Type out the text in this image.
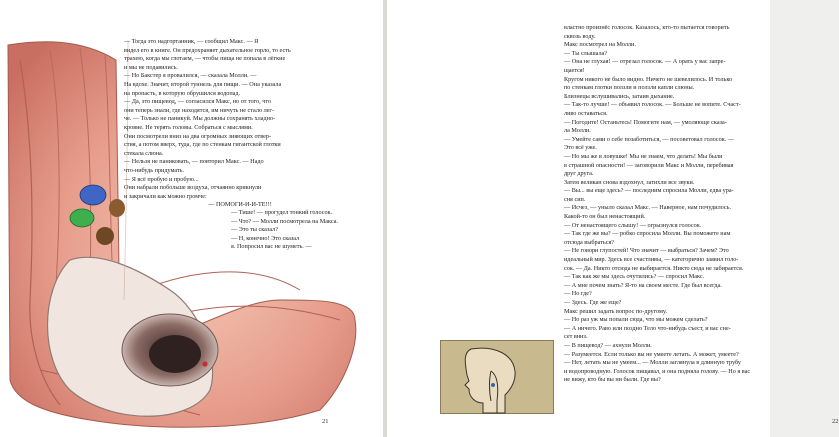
— Тогда это надгортанник, — сообщил Макс. — Я

видел его в книге. Он предохраняет дыхательное горло, то есть

трахею, когда мы глотаем, — чтобы пища не попала в лёгкие

и мы не подавились.

— Но Бакстер я провалился, — сказала Молли. —

На вдохе. Значит, второй туннель для пищи. — Она указала

на пропасть, в которую обрушился водопад.

— Да, это пищевод, — согласился Макс, но от того, что

они теперь знали, где находятся, им ничуть не стало лег-

че. — Только не паникуй. Мы должны сохранять хладно-

кровие. Не терять головы. Собраться с мыслями.

Они посмотрели вниз на два огромных зияющих отвер-

стия, а потом вверх, туда, где по стенкам гигантской глотки

стекала слюна.

— Нельзя не паниковать, — повторил Макс. — Надо

что-нибудь придумать.

— Я всё пробую и пробую...

Они набрали побольше воздуха, отчаянно крикнули

и закричали как можно громче:

— ПОМОГИ-И-И-ТЕ!!!

— Тише! — прогудел тонкий голосок.

— Что? — Молли посмотрела на Макса.

— Это ты сказал?

— Н, конечно! Это сказал

я. Попросил вас не шуметь. —

21	22

властно произнёс голосок. Казалось, кто-то пытается говорить

сквозь воду.

Макс посмотрел на Молли.

— Ты слышала?

— Она не глухая! — отрезал голосок. — А орать у вас запре-

щается!

Кругом никого не было видно. Ничего не шевелилось. И только

по стенкам глотки ползли и ползли капли слюны.

Близнецы вслушивались, затаив дыхание.

— Так-то лучше! — объявил голосок. — Больше не вопите. Счаст-

ливо оставаться.

— Погодите! Останьтесь! Помогите нам, — умоляюще сказа-

ла Молли.

— Умейте сами о себе позаботиться, — посоветовал голосок. —

Это всё уже.

— Но мы же в ловушке! Мы не знаем, что делать! Мы были

в страшной опасности! — заговорили Макс и Молли, перебивая

друг друга.

Затем великан снова вздохнул, затихли все звуки.

— Вы... вы еще здесь? — последним спросила Молли, едва ура-

сня сип.

— Исчез, — уныло сказал Макс. — Наверное, нам почудилось.

Какой-то он был ненастоящий.

— От ненастоящего слышу! — огрызнулся голосок.

— Так где же вы? — робко спросила Молли. Вы поможете нам

отсюда выбраться?

— Не говори глупостей! Что значит — выбраться? Зачем? Это

идеальный мир. Здесь все счастливы, — категорично заявил голо-

сок. — Да. Никто отсюда не выбирается. Никто сюда не забирается.

— Так как же мы здесь очутились? — спросил Макс.

— А мне почем знать? Я-то на своем месте. Где был всегда.

— Но где?

— Здесь. Где же еще?

Макс решил задать вопрос по-другому.

— Но раз уж мы попали сюда, что мы можем сделать?

— А ничего. Раво или поздно Тело что-нибудь съест, и вас сне-

сет вниз.

— В пищевод? — ахнули Молли.

— Разумеется. Если только вы не умеете летать. А может, умеете?

— Нет, летать мы не умеем... — Молли заглянула в длинную трубу

и водопроводную. Голосок пищавал, и она подняла голову. — Но я вас

не вижу, кто бы вы ни были. Где вы?
